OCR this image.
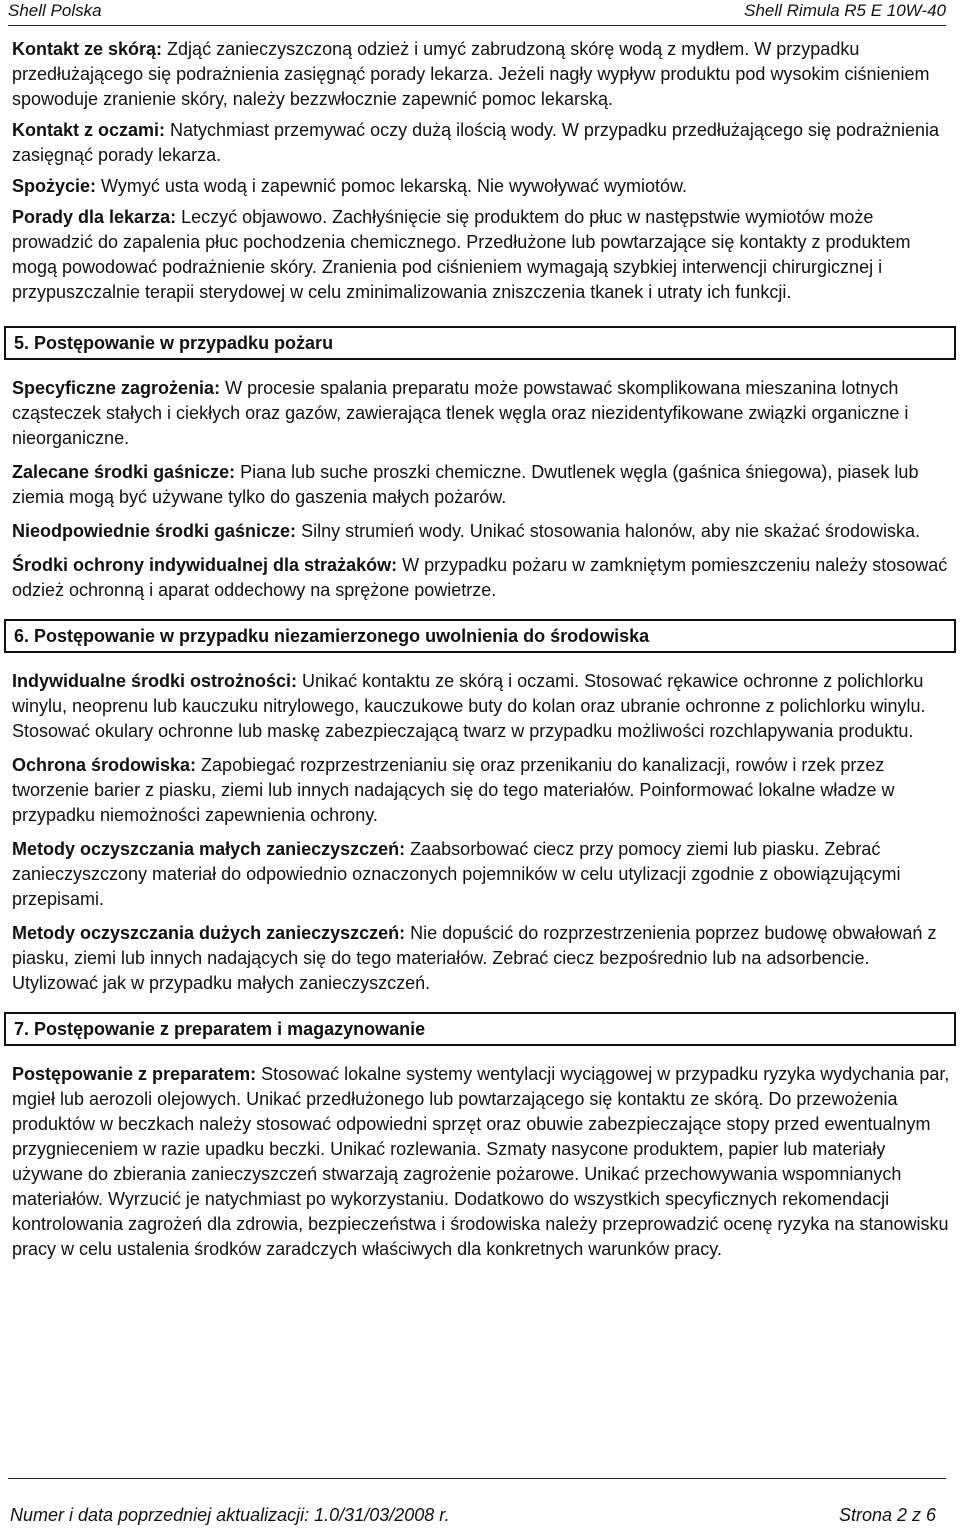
Shell Polska	Shell Rimula R5 E 10W-40

Kontakt ze skórą: Zdjąć zanieczyszczoną odzież i umyć zabrudzoną skórę wodą z mydłem. W przypadku przedłużającego się podrażnienia zasięgnąć porady lekarza. Jeżeli nagły wypływ produktu pod wysokim ciśnieniem spowoduje zranienie skóry, należy bezzwłocznie zapewnić pomoc lekarską.

Kontakt z oczami: Natychmiast przemywać oczy dużą ilością wody. W przypadku przedłużającego się podrażnienia zasięgnąć porady lekarza.

Spożycie: Wymyć usta wodą i zapewnić pomoc lekarską. Nie wywoływać wymiotów.

Porady dla lekarza: Leczyć objawowo. Zachłyśnięcie się produktem do płuc w następstwie wymiotów może prowadzić do zapalenia płuc pochodzenia chemicznego. Przedłużone lub powtarzające się kontakty z produktem mogą powodować podrażnienie skóry. Zranienia pod ciśnieniem wymagają szybkiej interwencji chirurgicznej i przypuszczalnie terapii sterydowej w celu zminimalizowania zniszczenia tkanek i utraty ich funkcji.

5. Postępowanie w przypadku pożaru

Specyficzne zagrożenia: W procesie spalania preparatu może powstawać skomplikowana mieszanina lotnych cząsteczek stałych i ciekłych oraz gazów, zawierająca tlenek węgla oraz niezidentyfikowane związki organiczne i nieorganiczne.

Zalecane środki gaśnicze: Piana lub suche proszki chemiczne. Dwutlenek węgla (gaśnica śniegowa), piasek lub ziemia mogą być używane tylko do gaszenia małych pożarów.

Nieodpowiednie środki gaśnicze: Silny strumień wody. Unikać stosowania halonów, aby nie skażać środowiska.

Środki ochrony indywidualnej dla strażaków: W przypadku pożaru w zamkniętym pomieszczeniu należy stosować odzież ochronną i aparat oddechowy na sprężone powietrze.

6. Postępowanie w przypadku niezamierzonego uwolnienia do środowiska

Indywidualne środki ostrożności: Unikać kontaktu ze skórą i oczami. Stosować rękawice ochronne z polichlorku winylu, neoprenu lub kauczuku nitrylowego, kauczukowe buty do kolan oraz ubranie ochronne z polichlorku winylu. Stosować okulary ochronne lub maskę zabezpieczającą twarz w przypadku możliwości rozchlapywania produktu.

Ochrona środowiska: Zapobiegać rozprzestrzenianiu się oraz przenikaniu do kanalizacji, rowów i rzek przez tworzenie barier z piasku, ziemi lub innych nadających się do tego materiałów. Poinformować lokalne władze w przypadku niemożności zapewnienia ochrony.

Metody oczyszczania małych zanieczyszczeń: Zaabsorbować ciecz przy pomocy ziemi lub piasku. Zebrać zanieczyszczony materiał do odpowiednio oznaczonych pojemników w celu utylizacji zgodnie z obowiązującymi przepisami.

Metody oczyszczania dużych zanieczyszczeń: Nie dopuścić do rozprzestrzenienia poprzez budowę obwałowań z piasku, ziemi lub innych nadających się do tego materiałów. Zebrać ciecz bezpośrednio lub na adsorbencie. Utylizować jak w przypadku małych zanieczyszczeń.

7. Postępowanie z preparatem i magazynowanie

Postępowanie z preparatem: Stosować lokalne systemy wentylacji wyciągowej w przypadku ryzyka wydychania par, mgieł lub aerozoli olejowych. Unikać przedłużonego lub powtarzającego się kontaktu ze skórą. Do przewożenia produktów w beczkach należy stosować odpowiedni sprzęt oraz obuwie zabezpieczające stopy przed ewentualnym przygnieceniem w razie upadku beczki. Unikać rozlewania. Szmaty nasycone produktem, papier lub materiały używane do zbierania zanieczyszczeń stwarzają zagrożenie pożarowe. Unikać przechowywania wspomnianych materiałów. Wyrzucić je natychmiast po wykorzystaniu. Dodatkowo do wszystkich specyficznych rekomendacji kontrolowania zagrożeń dla zdrowia, bezpieczeństwa i środowiska należy przeprowadzić ocenę ryzyka na stanowisku pracy w celu ustalenia środków zaradczych właściwych dla konkretnych warunków pracy.

Numer i data poprzedniej aktualizacji: 1.0/31/03/2008 r.	Strona 2 z 6
